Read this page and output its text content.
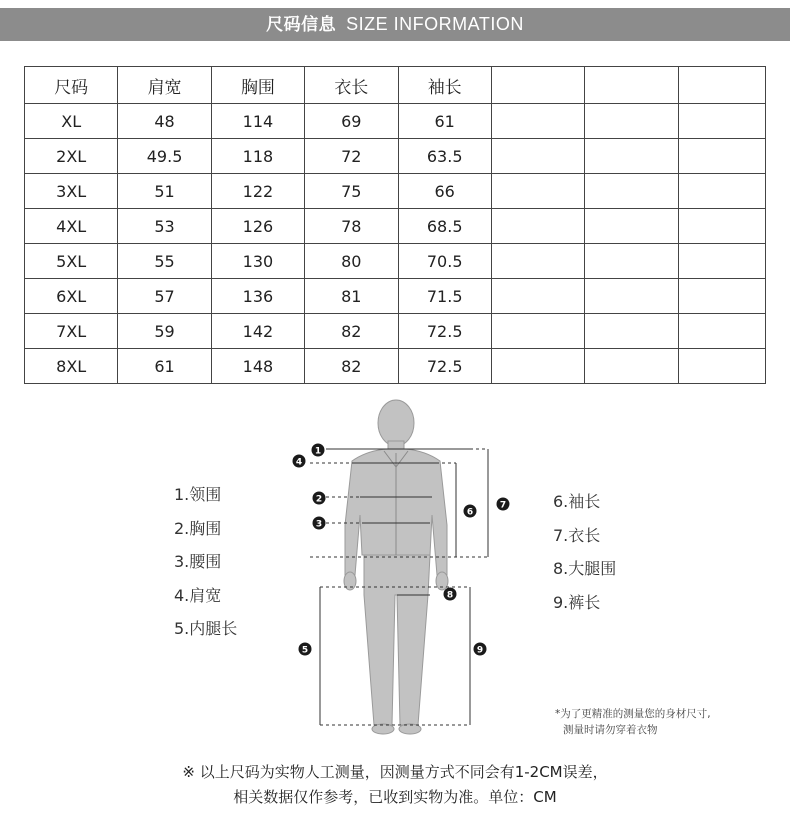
尺码信息 SIZE INFORMATION
尺码	肩宽	胸围	衣长	袖长			
XL	48	114	69	61			
2XL	49.5	118	72	63.5			
3XL	51	122	75	66			
4XL	53	126	78	68.5			
5XL	55	130	80	70.5			
6XL	57	136	81	71.5			
7XL	59	142	82	72.5			
8XL	61	148	82	72.5			
1
4
2
3
6
7
8
5	9
1.领围
2.胸围
3.腰围
4.肩宽
5.内腿长
6.袖长
7.衣长
8.大腿围
9.裤长
*为了更精准的测量您的身材尺寸,
测量时请勿穿着衣物
※ 以上尺码为实物人工测量，因测量方式不同会有1-2CM误差，
相关数据仅作参考，已收到实物为准。单位：CM
